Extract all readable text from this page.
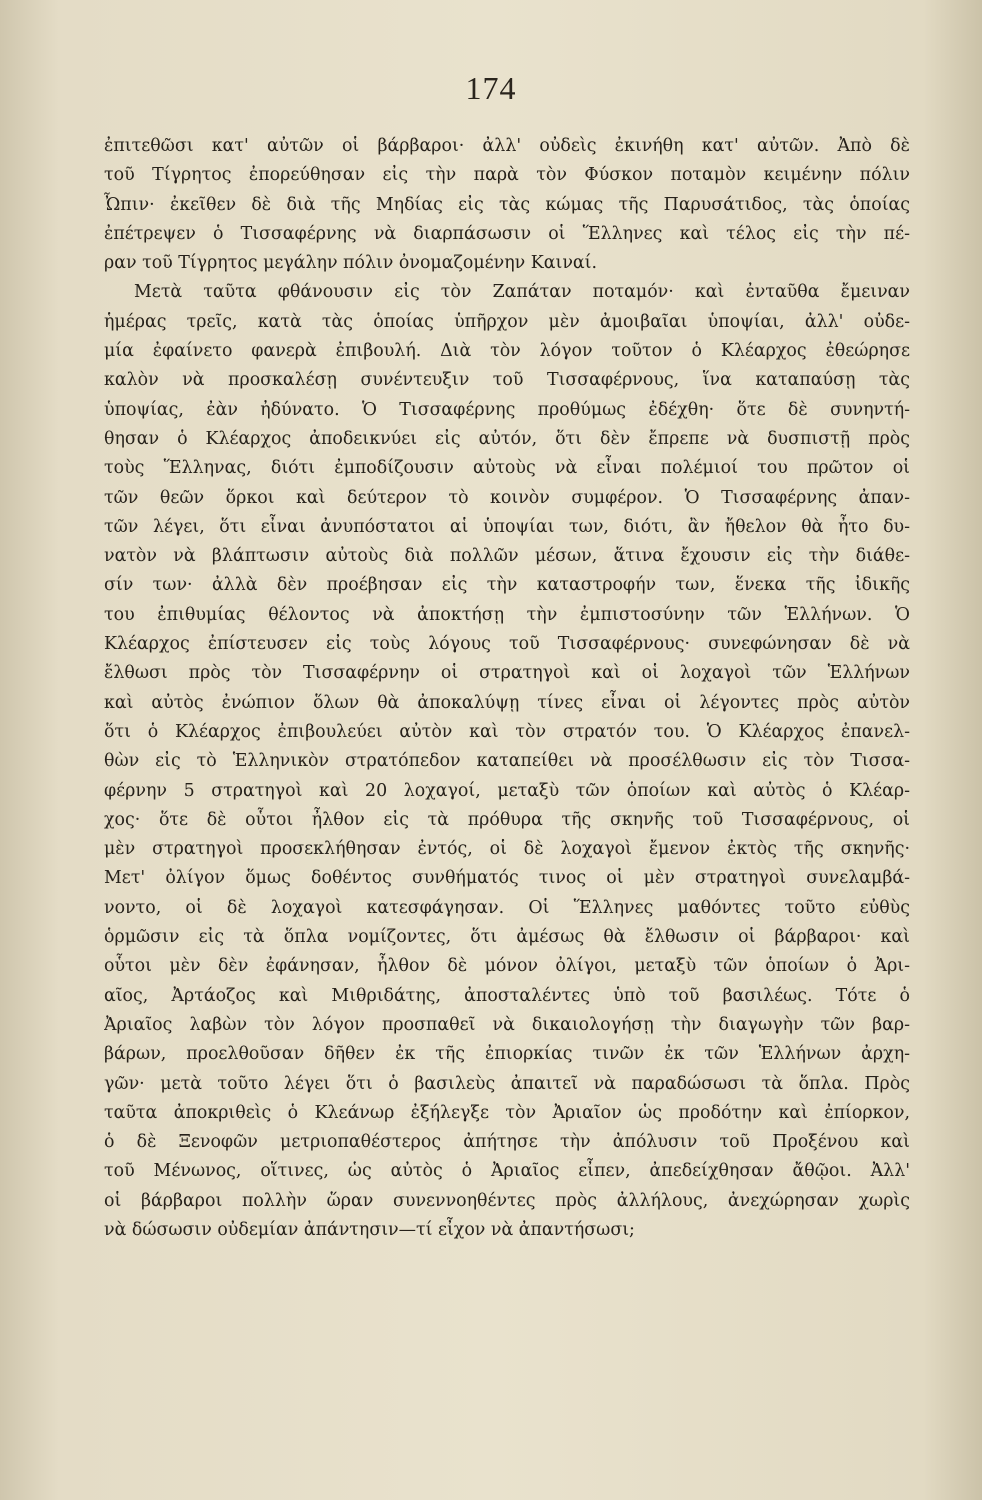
174
ἐπιτεθῶσι κατ' αὐτῶν οἱ βάρβαροι· ἀλλ' οὐδεὶς ἐκινήθη κατ' αὐτῶν. Ἀπὸ δὲ
τοῦ Τίγρητος ἐπορεύθησαν εἰς τὴν παρὰ τὸν Φύσκον ποταμὸν κειμένην πόλιν
Ὦπιν· ἐκεῖθεν δὲ διὰ τῆς Μηδίας εἰς τὰς κώμας τῆς Παρυσάτιδος, τὰς ὁποίας
ἐπέτρεψεν ὁ Τισσαφέρνης νὰ διαρπάσωσιν οἱ Ἕλληνες καὶ τέλος εἰς τὴν πέ-
ραν τοῦ Τίγρητος μεγάλην πόλιν ὀνομαζομένην Καιναί.
Μετὰ ταῦτα φθάνουσιν εἰς τὸν Ζαπάταν ποταμόν· καὶ ἐνταῦθα ἔμειναν
ἡμέρας τρεῖς, κατὰ τὰς ὁποίας ὑπῆρχον μὲν ἀμοιβαῖαι ὑποψίαι, ἀλλ' οὐδε-
μία ἐφαίνετο φανερὰ ἐπιβουλή. Διὰ τὸν λόγον τοῦτον ὁ Κλέαρχος ἐθεώρησε
καλὸν νὰ προσκαλέσῃ συνέντευξιν τοῦ Τισσαφέρνους, ἵνα καταπαύσῃ τὰς
ὑποψίας, ἐὰν ἠδύνατο. Ὁ Τισσαφέρνης προθύμως ἐδέχθη· ὅτε δὲ συνηντή-
θησαν ὁ Κλέαρχος ἀποδεικνύει εἰς αὐτόν, ὅτι δὲν ἔπρεπε νὰ δυσπιστῇ πρὸς
τοὺς Ἕλληνας, διότι ἐμποδίζουσιν αὐτοὺς νὰ εἶναι πολέμιοί του πρῶτον οἱ
τῶν θεῶν ὅρκοι καὶ δεύτερον τὸ κοινὸν συμφέρον. Ὁ Τισσαφέρνης ἀπαν-
τῶν λέγει, ὅτι εἶναι ἀνυπόστατοι αἱ ὑποψίαι των, διότι, ἂν ἤθελον θὰ ἦτο δυ-
νατὸν νὰ βλάπτωσιν αὐτοὺς διὰ πολλῶν μέσων, ἅτινα ἔχουσιν εἰς τὴν διάθε-
σίν των· ἀλλὰ δὲν προέβησαν εἰς τὴν καταστροφήν των, ἕνεκα τῆς ἰδικῆς
του ἐπιθυμίας θέλοντος νὰ ἀποκτήσῃ τὴν ἐμπιστοσύνην τῶν Ἑλλήνων. Ὁ
Κλέαρχος ἐπίστευσεν εἰς τοὺς λόγους τοῦ Τισσαφέρνους· συνεφώνησαν δὲ νὰ
ἔλθωσι πρὸς τὸν Τισσαφέρνην οἱ στρατηγοὶ καὶ οἱ λοχαγοὶ τῶν Ἑλλήνων
καὶ αὐτὸς ἐνώπιον ὅλων θὰ ἀποκαλύψῃ τίνες εἶναι οἱ λέγοντες πρὸς αὐτὸν
ὅτι ὁ Κλέαρχος ἐπιβουλεύει αὐτὸν καὶ τὸν στρατόν του. Ὁ Κλέαρχος ἐπανελ-
θὼν εἰς τὸ Ἑλληνικὸν στρατόπεδον καταπείθει νὰ προσέλθωσιν εἰς τὸν Τισσα-
φέρνην 5 στρατηγοὶ καὶ 20 λοχαγοί, μεταξὺ τῶν ὁποίων καὶ αὐτὸς ὁ Κλέαρ-
χος· ὅτε δὲ οὗτοι ἦλθον εἰς τὰ πρόθυρα τῆς σκηνῆς τοῦ Τισσαφέρνους, οἱ
μὲν στρατηγοὶ προσεκλήθησαν ἐντός, οἱ δὲ λοχαγοὶ ἔμενον ἐκτὸς τῆς σκηνῆς·
Μετ' ὀλίγον ὅμως δοθέντος συνθήματός τινος οἱ μὲν στρατηγοὶ συνελαμβά-
νοντο, οἱ δὲ λοχαγοὶ κατεσφάγησαν. Οἱ Ἕλληνες μαθόντες τοῦτο εὐθὺς
ὁρμῶσιν εἰς τὰ ὅπλα νομίζοντες, ὅτι ἀμέσως θὰ ἔλθωσιν οἱ βάρβαροι· καὶ
οὗτοι μὲν δὲν ἐφάνησαν, ἦλθον δὲ μόνον ὀλίγοι, μεταξὺ τῶν ὁποίων ὁ Ἀρι-
αῖος, Ἀρτάοζος καὶ Μιθριδάτης, ἀποσταλέντες ὑπὸ τοῦ βασιλέως. Τότε ὁ
Ἀριαῖος λαβὼν τὸν λόγον προσπαθεῖ νὰ δικαιολογήσῃ τὴν διαγωγὴν τῶν βαρ-
βάρων, προελθοῦσαν δῆθεν ἐκ τῆς ἐπιορκίας τινῶν ἐκ τῶν Ἑλλήνων ἀρχη-
γῶν· μετὰ τοῦτο λέγει ὅτι ὁ βασιλεὺς ἀπαιτεῖ νὰ παραδώσωσι τὰ ὅπλα. Πρὸς
ταῦτα ἀποκριθεὶς ὁ Κλεάνωρ ἐξήλεγξε τὸν Ἀριαῖον ὡς προδότην καὶ ἐπίορκον,
ὁ δὲ Ξενοφῶν μετριοπαθέστερος ἀπήτησε τὴν ἀπόλυσιν τοῦ Προξένου καὶ
τοῦ Μένωνος, οἵτινες, ὡς αὐτὸς ὁ Ἀριαῖος εἶπεν, ἀπεδείχθησαν ἄθῷοι. Ἀλλ'
οἱ βάρβαροι πολλὴν ὥραν συνεννοηθέντες πρὸς ἀλλήλους, ἀνεχώρησαν χωρὶς
νὰ δώσωσιν οὐδεμίαν ἀπάντησιν—τί εἶχον νὰ ἀπαντήσωσι;
